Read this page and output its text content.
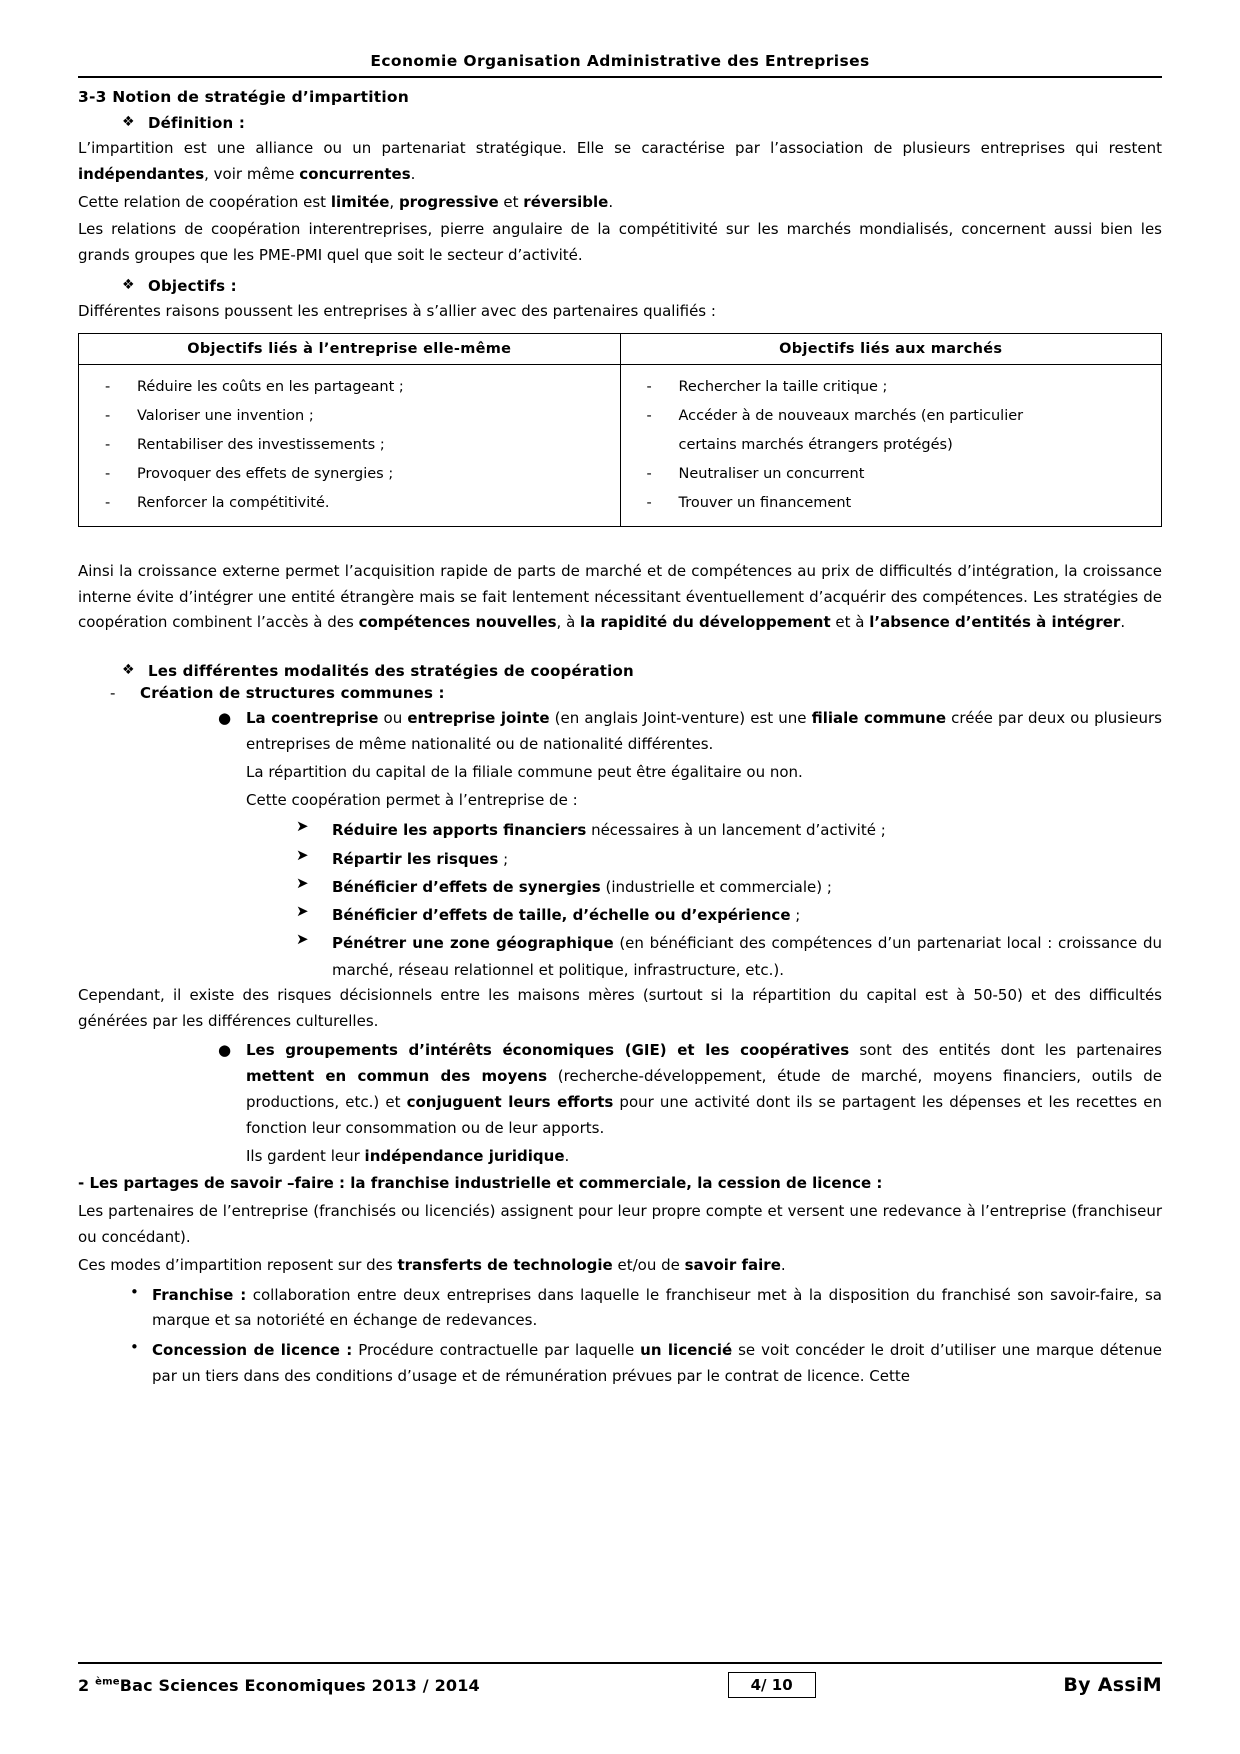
Economie Organisation Administrative des Entreprises
3-3 Notion de stratégie d’impartition
❖ Définition :

L’impartition est une alliance ou un partenariat stratégique. Elle se caractérise par l’association de plusieurs entreprises qui restent indépendantes, voir même concurrentes.

Cette relation de coopération est limitée, progressive et réversible.

Les relations de coopération interentreprises, pierre angulaire de la compétitivité sur les marchés mondialisés, concernent aussi bien les grands groupes que les PME-PMI quel que soit le secteur d’activité.

❖ Objectifs :

Différentes raisons poussent les entreprises à s’allier avec des partenaires qualifiés :

Objectifs liés à l’entreprise elle-même	Objectifs liés aux marchés

- Réduire les coûts en les partageant ;
- Valoriser une invention ;
- Rentabiliser des investissements ;
- Provoquer des effets de synergies ;
- Renforcer la compétitivité.

- Rechercher la taille critique ;
- Accéder à de nouveaux marchés (en particulier
certains marchés étrangers protégés)
- Neutraliser un concurrent
- Trouver un financement

Ainsi la croissance externe permet l’acquisition rapide de parts de marché et de compétences au prix de difficultés d’intégration, la croissance interne évite d’intégrer une entité étrangère mais se fait lentement nécessitant éventuellement d’acquérir des compétences. Les stratégies de coopération combinent l’accès à des compétences nouvelles, à la rapidité du développement et à l’absence d’entités à intégrer.

❖ Les différentes modalités des stratégies de coopération
-	Création de structures communes :
● La coentreprise ou entreprise jointe (en anglais Joint-venture) est une filiale commune créée par deux ou plusieurs entreprises de même nationalité ou de nationalité différentes.

La répartition du capital de la filiale commune peut être égalitaire ou non.

Cette coopération permet à l’entreprise de :

➤	Réduire les apports financiers nécessaires à un lancement d’activité ;
➤	Répartir les risques ;
➤	Bénéficier d’effets de synergies (industrielle et commerciale) ;
➤	Bénéficier d’effets de taille, d’échelle ou d’expérience ;
➤	Pénétrer une zone géographique (en bénéficiant des compétences d’un partenariat local : croissance du marché, réseau relationnel et politique, infrastructure, etc.).

Cependant, il existe des risques décisionnels entre les maisons mères (surtout si la répartition du capital est à 50-50) et des difficultés générées par les différences culturelles.

● Les groupements d’intérêts économiques (GIE) et les coopératives sont des entités dont les partenaires mettent en commun des moyens (recherche-développement, étude de marché, moyens financiers, outils de productions, etc.) et conjuguent leurs efforts pour une activité dont ils se partagent les dépenses et les recettes en fonction leur consommation ou de leur apports.

Ils gardent leur indépendance juridique.

- Les partages de savoir –faire : la franchise industrielle et commerciale, la cession de licence :

Les partenaires de l’entreprise (franchisés ou licenciés) assignent pour leur propre compte et versent une redevance à l’entreprise (franchiseur ou concédant).

Ces modes d’impartition reposent sur des transferts de technologie et/ou de savoir faire.

• Franchise : collaboration entre deux entreprises dans laquelle le franchiseur met à la disposition du franchisé son savoir-faire, sa marque et sa notoriété en échange de redevances.
• Concession de licence : Procédure contractuelle par laquelle un licencié se voit concéder le droit d’utiliser une marque détenue par un tiers dans des conditions d’usage et de rémunération prévues par le contrat de licence. Cette
2 $^{ème}$Bac Sciences Economiques 2013 / 2014	4/ 10	By AssiM
